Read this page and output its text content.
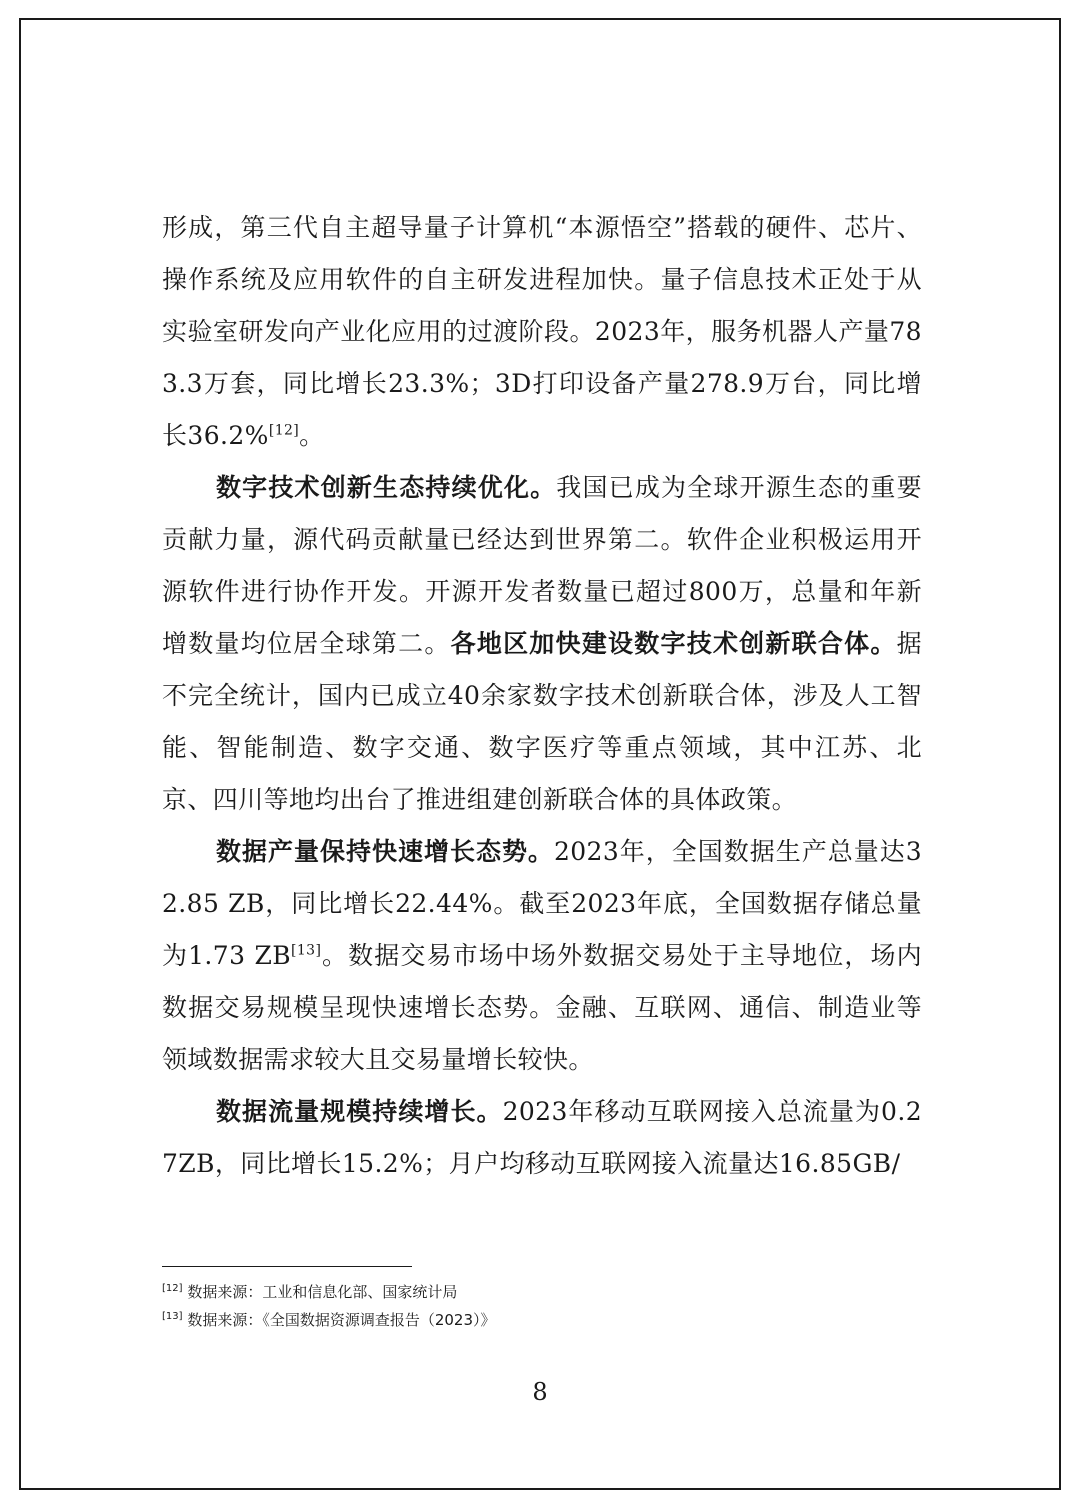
形成，第三代自主超导量子计算机“本源悟空”搭载的硬件、芯片、操作系统及应用软件的自主研发进程加快。量子信息技术正处于从实验室研发向产业化应用的过渡阶段。2023年，服务机器人产量783.3万套，同比增长23.3%；3D打印设备产量278.9万台，同比增长36.2%[12]。

数字技术创新生态持续优化。我国已成为全球开源生态的重要贡献力量，源代码贡献量已经达到世界第二。软件企业积极运用开源软件进行协作开发。开源开发者数量已超过800万，总量和年新增数量均位居全球第二。各地区加快建设数字技术创新联合体。据不完全统计，国内已成立40余家数字技术创新联合体，涉及人工智能、智能制造、数字交通、数字医疗等重点领域，其中江苏、北京、四川等地均出台了推进组建创新联合体的具体政策。

数据产量保持快速增长态势。2023年，全国数据生产总量达32.85 ZB，同比增长22.44%。截至2023年底，全国数据存储总量为1.73 ZB[13]。数据交易市场中场外数据交易处于主导地位，场内数据交易规模呈现快速增长态势。金融、互联网、通信、制造业等领域数据需求较大且交易量增长较快。

数据流量规模持续增长。2023年移动互联网接入总流量为0.27ZB，同比增长15.2%；月户均移动互联网接入流量达16.85GB/

[12] 数据来源：工业和信息化部、国家统计局

[13] 数据来源：《全国数据资源调查报告（2023）》

8
